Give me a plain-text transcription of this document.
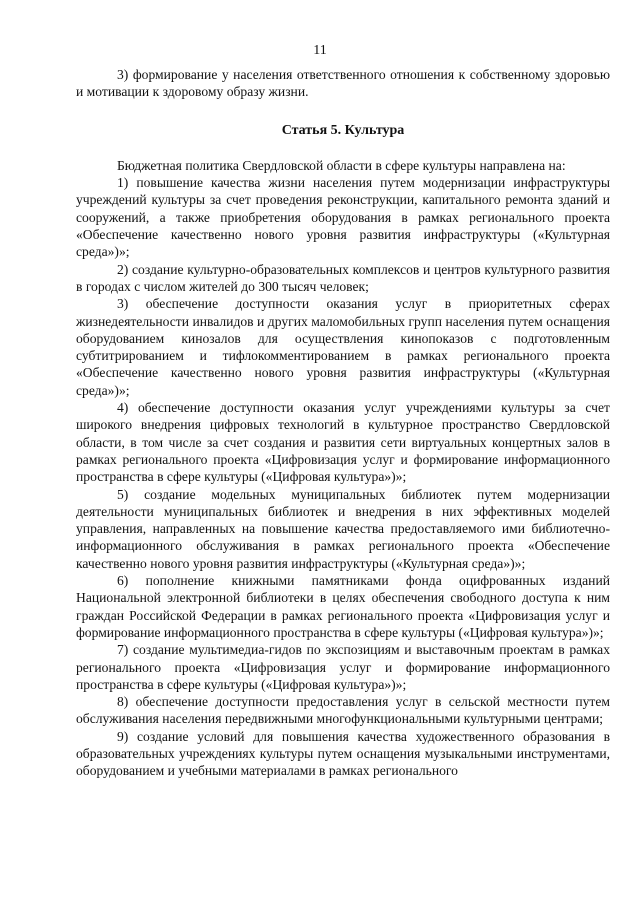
11

3) формирование у населения ответственного отношения к собственному здоровью и мотивации к здоровому образу жизни.

Статья 5. Культура

Бюджетная политика Свердловской области в сфере культуры направлена на:

1) повышение качества жизни населения путем модернизации инфраструктуры учреждений культуры за счет проведения реконструкции, капитального ремонта зданий и сооружений, а также приобретения оборудования в рамках регионального проекта «Обеспечение качественно нового уровня развития инфраструктуры («Культурная среда»)»;

2) создание культурно-образовательных комплексов и центров культурного развития в городах с числом жителей до 300 тысяч человек;

3) обеспечение доступности оказания услуг в приоритетных сферах жизнедеятельности инвалидов и других маломобильных групп населения путем оснащения оборудованием кинозалов для осуществления кинопоказов с подготовленным субтитрированием и тифлокомментированием в рамках регионального проекта «Обеспечение качественно нового уровня развития инфраструктуры («Культурная среда»)»;

4) обеспечение доступности оказания услуг учреждениями культуры за счет широкого внедрения цифровых технологий в культурное пространство Свердловской области, в том числе за счет создания и развития сети виртуальных концертных залов в рамках регионального проекта «Цифровизация услуг и формирование информационного пространства в сфере культуры («Цифровая культура»)»;

5) создание модельных муниципальных библиотек путем модернизации деятельности муниципальных библиотек и внедрения в них эффективных моделей управления, направленных на повышение качества предоставляемого ими библиотечно-информационного обслуживания в рамках регионального проекта «Обеспечение качественно нового уровня развития инфраструктуры («Культурная среда»)»;

6) пополнение книжными памятниками фонда оцифрованных изданий Национальной электронной библиотеки в целях обеспечения свободного доступа к ним граждан Российской Федерации в рамках регионального проекта «Цифровизация услуг и формирование информационного пространства в сфере культуры («Цифровая культура»)»;

7) создание мультимедиа-гидов по экспозициям и выставочным проектам в рамках регионального проекта «Цифровизация услуг и формирование информационного пространства в сфере культуры («Цифровая культура»)»;

8) обеспечение доступности предоставления услуг в сельской местности путем обслуживания населения передвижными многофункциональными культурными центрами;

9) создание условий для повышения качества художественного образования в образовательных учреждениях культуры путем оснащения музыкальными инструментами, оборудованием и учебными материалами в рамках регионального
